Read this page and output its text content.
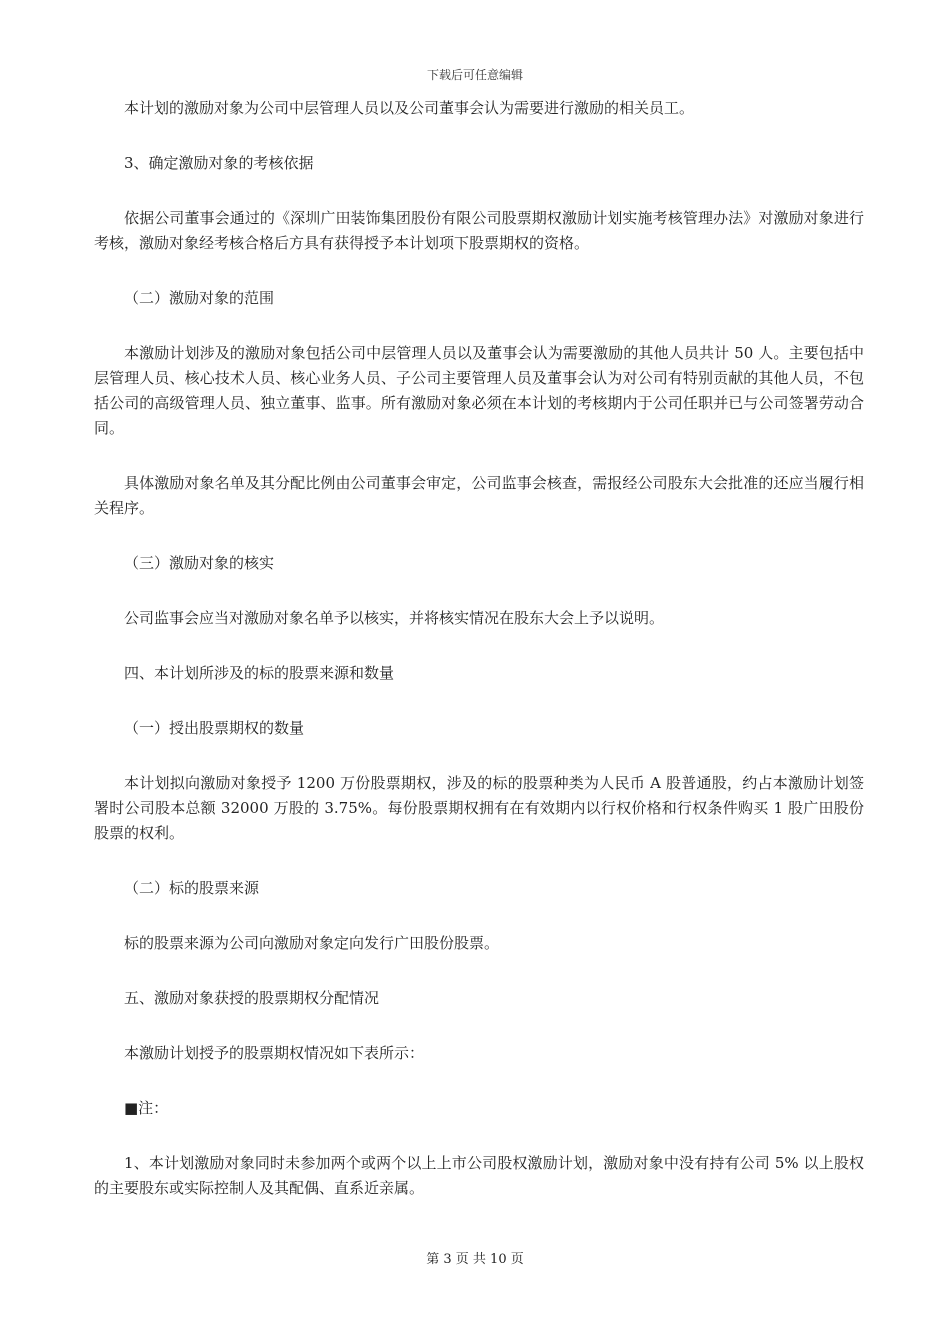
下载后可任意编辑

本计划的激励对象为公司中层管理人员以及公司董事会认为需要进行激励的相关员工。

3、确定激励对象的考核依据

依据公司董事会通过的《深圳广田装饰集团股份有限公司股票期权激励计划实施考核管理办法》对激励对象进行考核，激励对象经考核合格后方具有获得授予本计划项下股票期权的资格。

（二）激励对象的范围

本激励计划涉及的激励对象包括公司中层管理人员以及董事会认为需要激励的其他人员共计 50 人。主要包括中层管理人员、核心技术人员、核心业务人员、子公司主要管理人员及董事会认为对公司有特别贡献的其他人员，不包括公司的高级管理人员、独立董事、监事。所有激励对象必须在本计划的考核期内于公司任职并已与公司签署劳动合同。

具体激励对象名单及其分配比例由公司董事会审定，公司监事会核查，需报经公司股东大会批准的还应当履行相关程序。

（三）激励对象的核实

公司监事会应当对激励对象名单予以核实，并将核实情况在股东大会上予以说明。

四、本计划所涉及的标的股票来源和数量

（一）授出股票期权的数量

本计划拟向激励对象授予 1200 万份股票期权，涉及的标的股票种类为人民币 A 股普通股，约占本激励计划签署时公司股本总额 32000 万股的 3.75%。每份股票期权拥有在有效期内以行权价格和行权条件购买 1 股广田股份股票的权利。

（二）标的股票来源

标的股票来源为公司向激励对象定向发行广田股份股票。

五、激励对象获授的股票期权分配情况

本激励计划授予的股票期权情况如下表所示：

■注：

1、本计划激励对象同时未参加两个或两个以上上市公司股权激励计划，激励对象中没有持有公司 5% 以上股权的主要股东或实际控制人及其配偶、直系近亲属。

第 3 页 共 10 页
